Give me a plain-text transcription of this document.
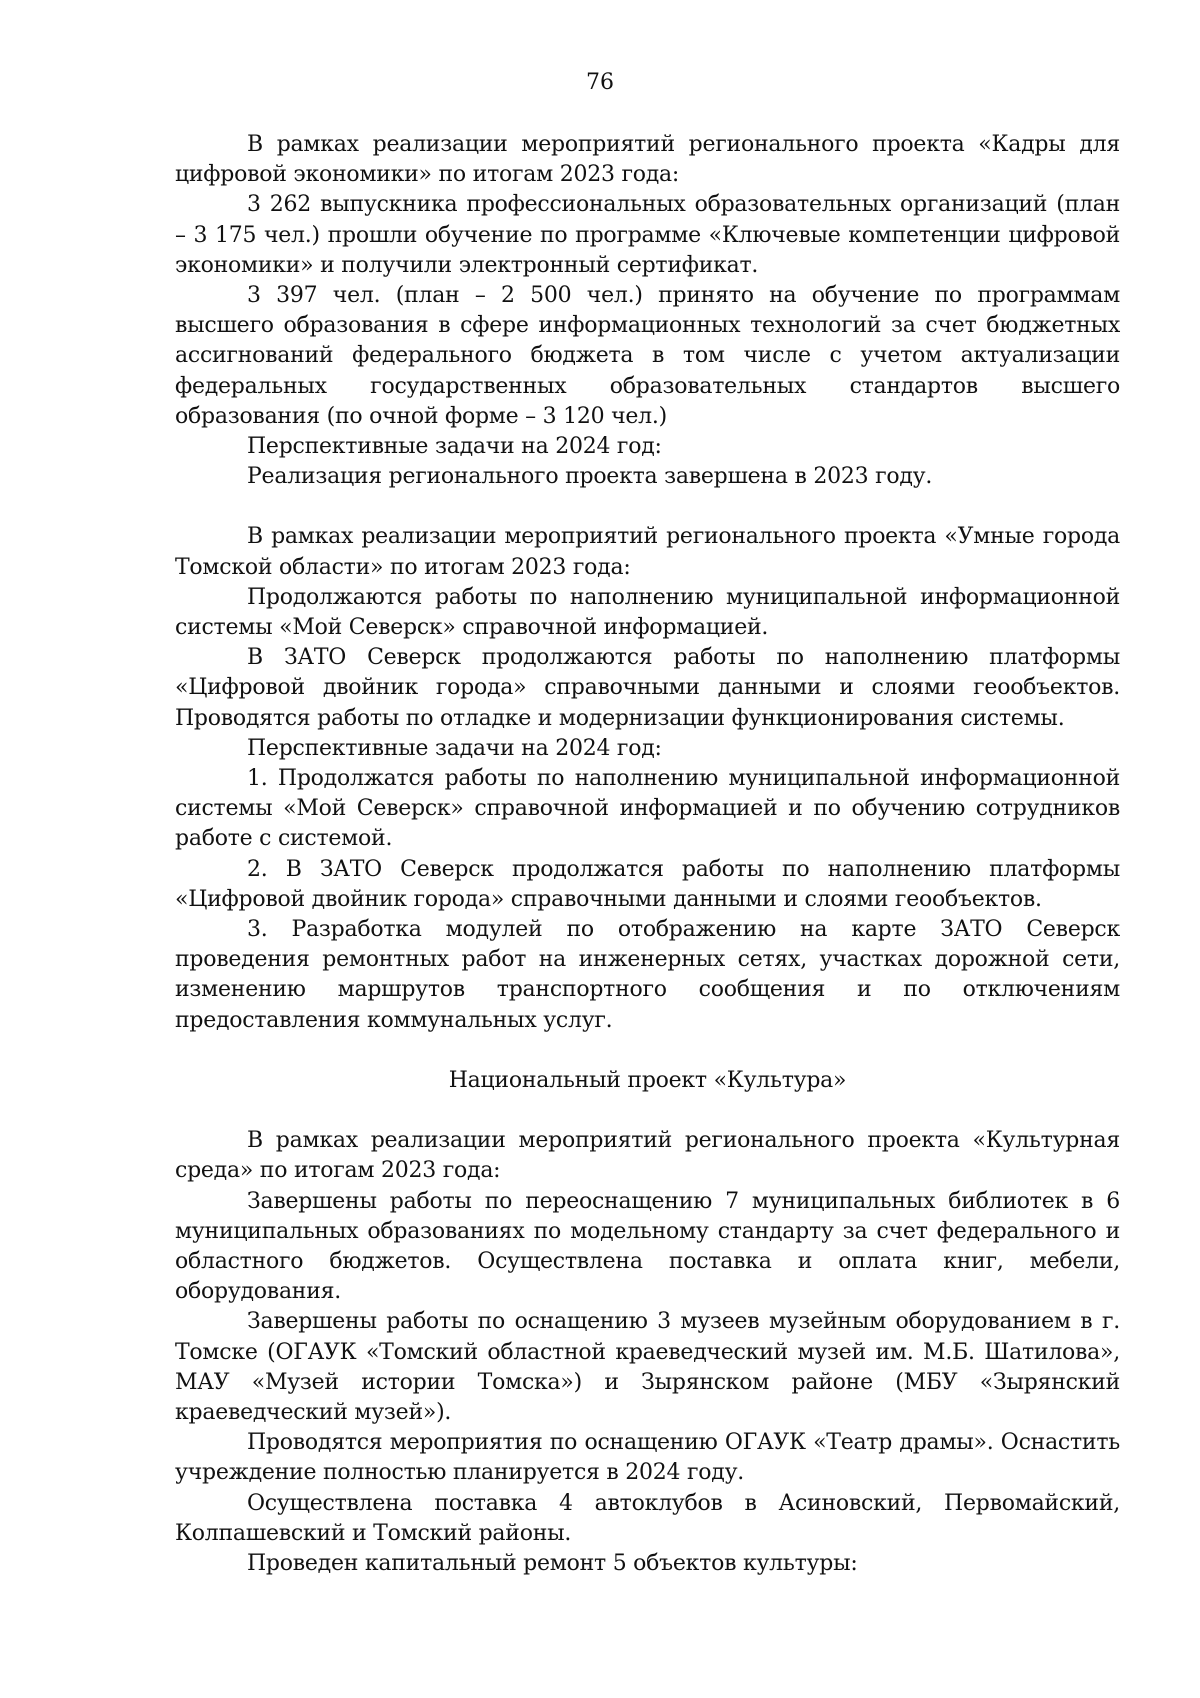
76

В рамках реализации мероприятий регионального проекта «Кадры для цифровой экономики» по итогам 2023 года:

3 262 выпускника профессиональных образовательных организаций (план – 3 175 чел.) прошли обучение по программе «Ключевые компетенции цифровой экономики» и получили электронный сертификат.

3 397 чел. (план – 2 500 чел.) принято на обучение по программам высшего образования в сфере информационных технологий за счет бюджетных ассигнований федерального бюджета в том числе с учетом актуализации федеральных государственных образовательных стандартов высшего образования (по очной форме – 3 120 чел.)

Перспективные задачи на 2024 год:

Реализация регионального проекта завершена в 2023 году.

В рамках реализации мероприятий регионального проекта «Умные города Томской области» по итогам 2023 года:

Продолжаются работы по наполнению муниципальной информационной системы «Мой Северск» справочной информацией.

В ЗАТО Северск продолжаются работы по наполнению платформы «Цифровой двойник города» справочными данными и слоями геообъектов. Проводятся работы по отладке и модернизации функционирования системы.

Перспективные задачи на 2024 год:

1. Продолжатся работы по наполнению муниципальной информационной системы «Мой Северск» справочной информацией и по обучению сотрудников работе с системой.

2. В ЗАТО Северск продолжатся работы по наполнению платформы «Цифровой двойник города» справочными данными и слоями геообъектов.

3. Разработка модулей по отображению на карте ЗАТО Северск проведения ремонтных работ на инженерных сетях, участках дорожной сети, изменению маршрутов транспортного сообщения и по отключениям предоставления коммунальных услуг.

Национальный проект «Культура»

В рамках реализации мероприятий регионального проекта «Культурная среда» по итогам 2023 года:

Завершены работы по переоснащению 7 муниципальных библиотек в 6 муниципальных образованиях по модельному стандарту за счет федерального и областного бюджетов. Осуществлена поставка и оплата книг, мебели, оборудования.

Завершены работы по оснащению 3 музеев музейным оборудованием в г. Томске (ОГАУК «Томский областной краеведческий музей им. М.Б. Шатилова», МАУ «Музей истории Томска») и Зырянском районе (МБУ «Зырянский краеведческий музей»).

Проводятся мероприятия по оснащению ОГАУК «Театр драмы». Оснастить учреждение полностью планируется в 2024 году.

Осуществлена поставка 4 автоклубов в Асиновский, Первомайский, Колпашевский и Томский районы.

Проведен капитальный ремонт 5 объектов культуры:
